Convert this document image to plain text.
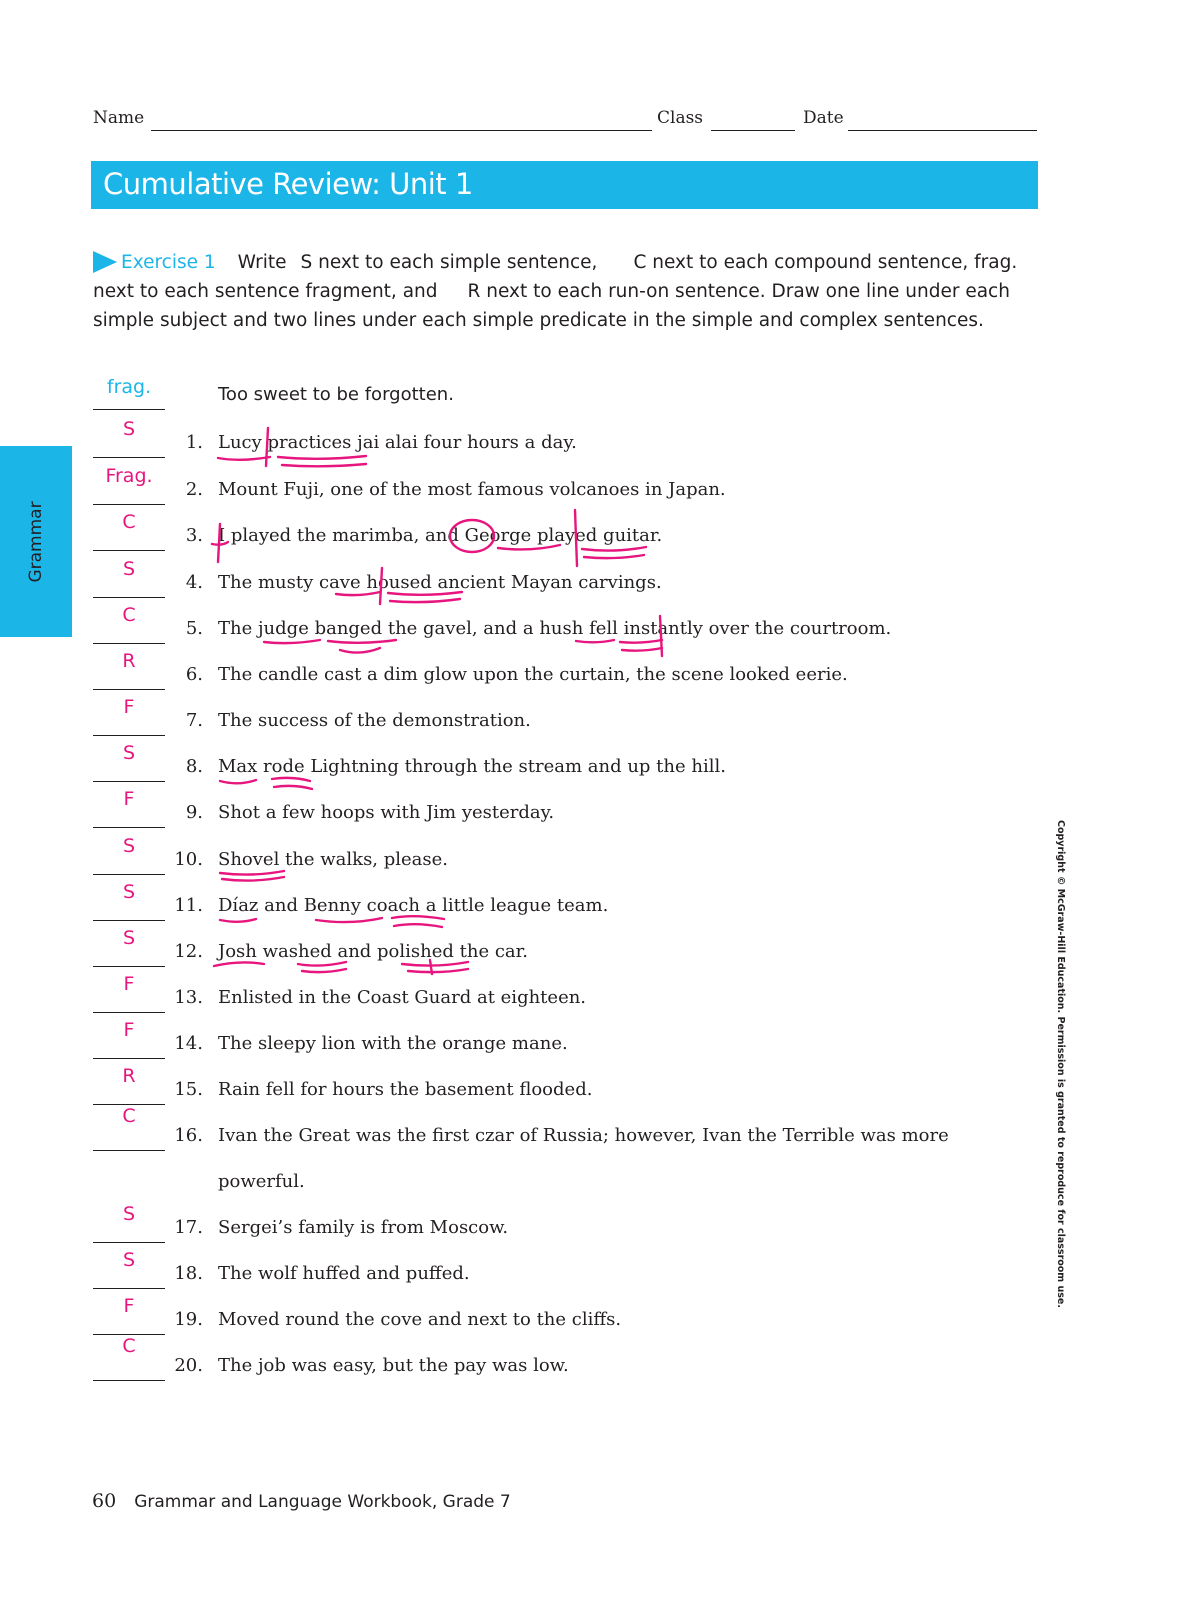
Name	Class	Date
Cumulative Review: Unit 1
Grammar
Exercise 1 Write S next to each simple sentence, C next to each compound sentence, frag. next to each sentence fragment, and R next to each run-on sentence. Draw one line under each simple subject and two lines under each simple predicate in the simple and complex sentences.
frag.	Too sweet to be forgotten.
S
1. Lucy practices jai alai four hours a day.
Frag.
2. Mount Fuji, one of the most famous volcanoes in Japan.
C
3. I played the marimba, and George played guitar.
S
4. The musty cave housed ancient Mayan carvings.
C
5. The judge banged the gavel, and a hush fell instantly over the courtroom.
R
6. The candle cast a dim glow upon the curtain, the scene looked eerie.
F
7. The success of the demonstration.
S
8. Max rode Lightning through the stream and up the hill.
F
9. Shot a few hoops with Jim yesterday.
S
10. Shovel the walks, please.
S
11. Díaz and Benny coach a little league team.
S
12. Josh washed and polished the car.
F
13. Enlisted in the Coast Guard at eighteen.
F
14. The sleepy lion with the orange mane.
R
15. Rain fell for hours the basement flooded.
C
16. Ivan the Great was the first czar of Russia; however, Ivan the Terrible was more
powerful.
S
17. Sergei’s family is from Moscow.
S
18. The wolf huffed and puffed.
F
19. Moved round the cove and next to the cliffs.
C
20. The job was easy, but the pay was low.
Copyright © McGraw-Hill Education. Permission is granted to reproduce for classroom use.
60 Grammar and Language Workbook, Grade 7
